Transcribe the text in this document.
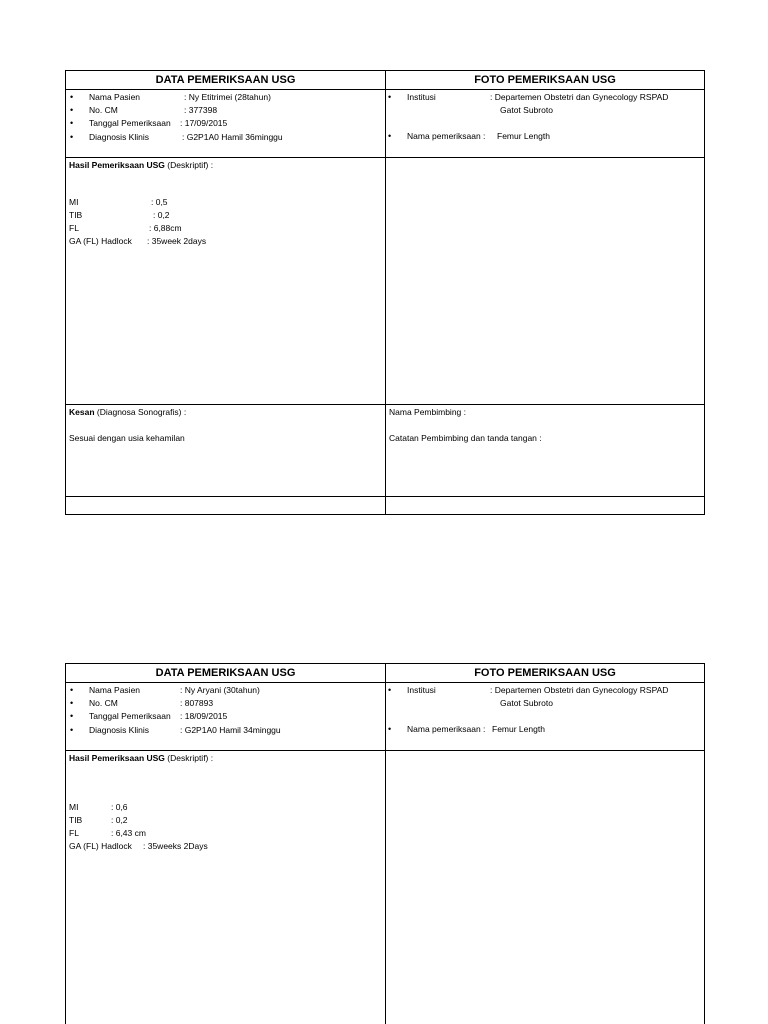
DATA PEMERIKSAAN USG	FOTO PEMERIKSAAN USG
• Nama Pasien	: Ny Etitrimei (28tahun)
• No. CM	: 377398
• Tanggal Pemeriksaan : 17/09/2015
• Diagnosis Klinis	: G2P1A0 Hamil 36minggu
• Institusi	: Departemen Obstetri dan Gynecology RSPAD
Gatot Subroto
• Nama pemeriksaan : Femur Length
Hasil Pemeriksaan USG (Deskriptif) :
MI	: 0,5
TIB	: 0,2
FL	: 6,88cm
GA (FL) Hadlock : 35week 2days
Kesan (Diagnosa Sonografis) :
Sesuai dengan usia kehamilan
Nama Pembimbing :
Catatan Pembimbing dan tanda tangan :
DATA PEMERIKSAAN USG	FOTO PEMERIKSAAN USG
• Nama Pasien	: Ny Aryani (30tahun)
• No. CM	: 807893
• Tanggal Pemeriksaan : 18/09/2015
• Diagnosis Klinis	: G2P1A0 Hamil 34minggu
• Institusi	: Departemen Obstetri dan Gynecology RSPAD
Gatot Subroto
• Nama pemeriksaan : Femur Length
Hasil Pemeriksaan USG (Deskriptif) :
MI	: 0,6
TIB	: 0,2
FL	: 6,43 cm
GA (FL) Hadlock : 35weeks 2Days
